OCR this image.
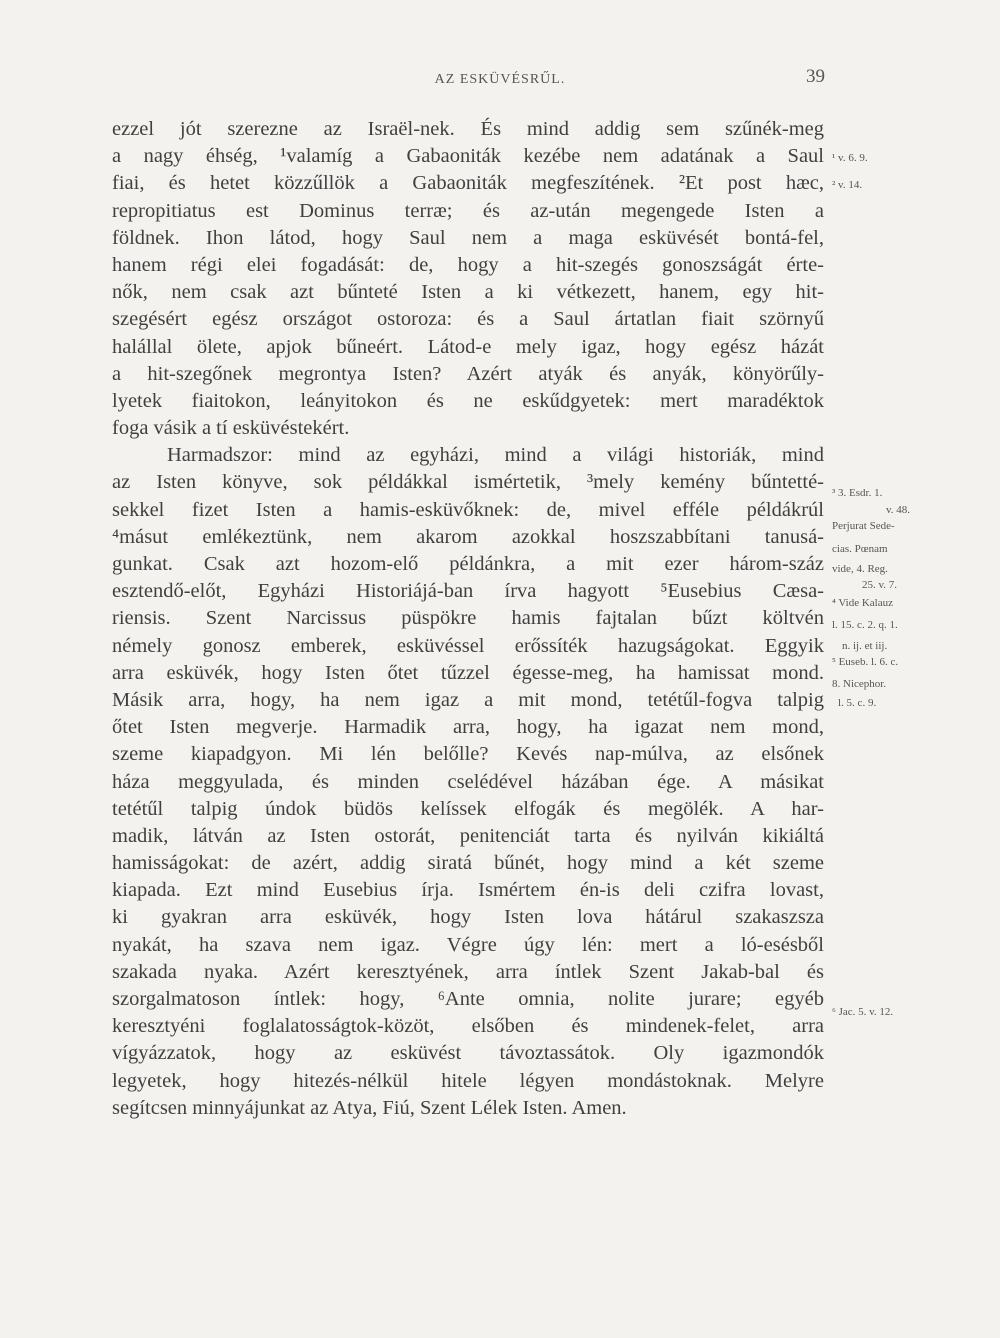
AZ ESKÜVÉSRŰL.	39
ezzel jót szerezne az Israël-nek. És mind addig sem szűnék-meg
a nagy éhség, ¹valamíg a Gabaoniták kezébe nem adatának a Saul
fiai, és hetet közzűllök a Gabaoniták megfeszítének. ²Et post hæc,
repropitiatus est Dominus terræ; és az-után megengede Isten a
földnek. Ihon látod, hogy Saul nem a maga esküvését bontá-fel,
hanem régi elei fogadását: de, hogy a hit-szegés gonoszságát érte-
nők, nem csak azt bűnteté Isten a ki vétkezett, hanem, egy hit-
szegésért egész országot ostoroza: és a Saul ártatlan fiait szörnyű
halállal ölete, apjok bűneért. Látod-e mely igaz, hogy egész házát
a hit-szegőnek megrontya Isten? Azért atyák és anyák, könyörűly-
lyetek fiaitokon, leányitokon és ne eskűdgyetek: mert maradéktok
foga vásik a tí esküvéstekért.
Harmadszor: mind az egyházi, mind a világi historiák, mind
az Isten könyve, sok példákkal ismértetik, ³mely kemény bűntetté-
sekkel fizet Isten a hamis-esküvőknek: de, mivel efféle példákrúl
⁴másut emlékeztünk, nem akarom azokkal hoszszabbítani tanusá-
gunkat. Csak azt hozom-elő példánkra, a mit ezer három-száz
esztendő-előt, Egyházi Historiájá-ban írva hagyott ⁵Eusebius Cæsa-
riensis. Szent Narcissus püspökre hamis fajtalan bűzt költvén
némely gonosz emberek, esküvéssel erőssíték hazugságokat. Eggyik
arra esküvék, hogy Isten őtet tűzzel égesse-meg, ha hamissat mond.
Másik arra, hogy, ha nem igaz a mit mond, tetétűl-fogva talpig
őtet Isten megverje. Harmadik arra, hogy, ha igazat nem mond,
szeme kiapadgyon. Mi lén belőlle? Kevés nap-múlva, az elsőnek
háza meggyulada, és minden cselédével házában ége. A másikat
tetétűl talpig úndok büdös kelíssek elfogák és megölék. A har-
madik, látván az Isten ostorát, penitenciát tarta és nyilván kikiáltá
hamisságokat: de azért, addig siratá bűnét, hogy mind a két szeme
kiapada. Ezt mind Eusebius írja. Ismértem én-is deli czifra lovast,
ki gyakran arra esküvék, hogy Isten lova hátárul szakaszsza
nyakát, ha szava nem igaz. Végre úgy lén: mert a ló-esésből
szakada nyaka. Azért keresztyének, arra íntlek Szent Jakab-bal és
szorgalmatoson íntlek: hogy, ⁶Ante omnia, nolite jurare; egyéb
keresztyéni foglalatosságtok-közöt, elsőben és mindenek-felet, arra
vígyázzatok, hogy az esküvést távoztassátok. Oly igazmondók
legyetek, hogy hitezés-nélkül hitele légyen mondástoknak. Melyre
segítcsen minnyájunkat az Atya, Fiú, Szent Lélek Isten. Amen.
¹ v. 6. 9.
² v. 14.
³ 3. Esdr. 1.
v. 48.
Perjurat Sede-
cias. Pœnam
vide, 4. Reg.
25. v. 7.
⁴ Vide Kalauz
l. 15. c. 2. q. 1.
n. ij. et iij.
⁵ Euseb. l. 6. c.
8. Nicephor.
l. 5. c. 9.
⁶ Jac. 5. v. 12.
